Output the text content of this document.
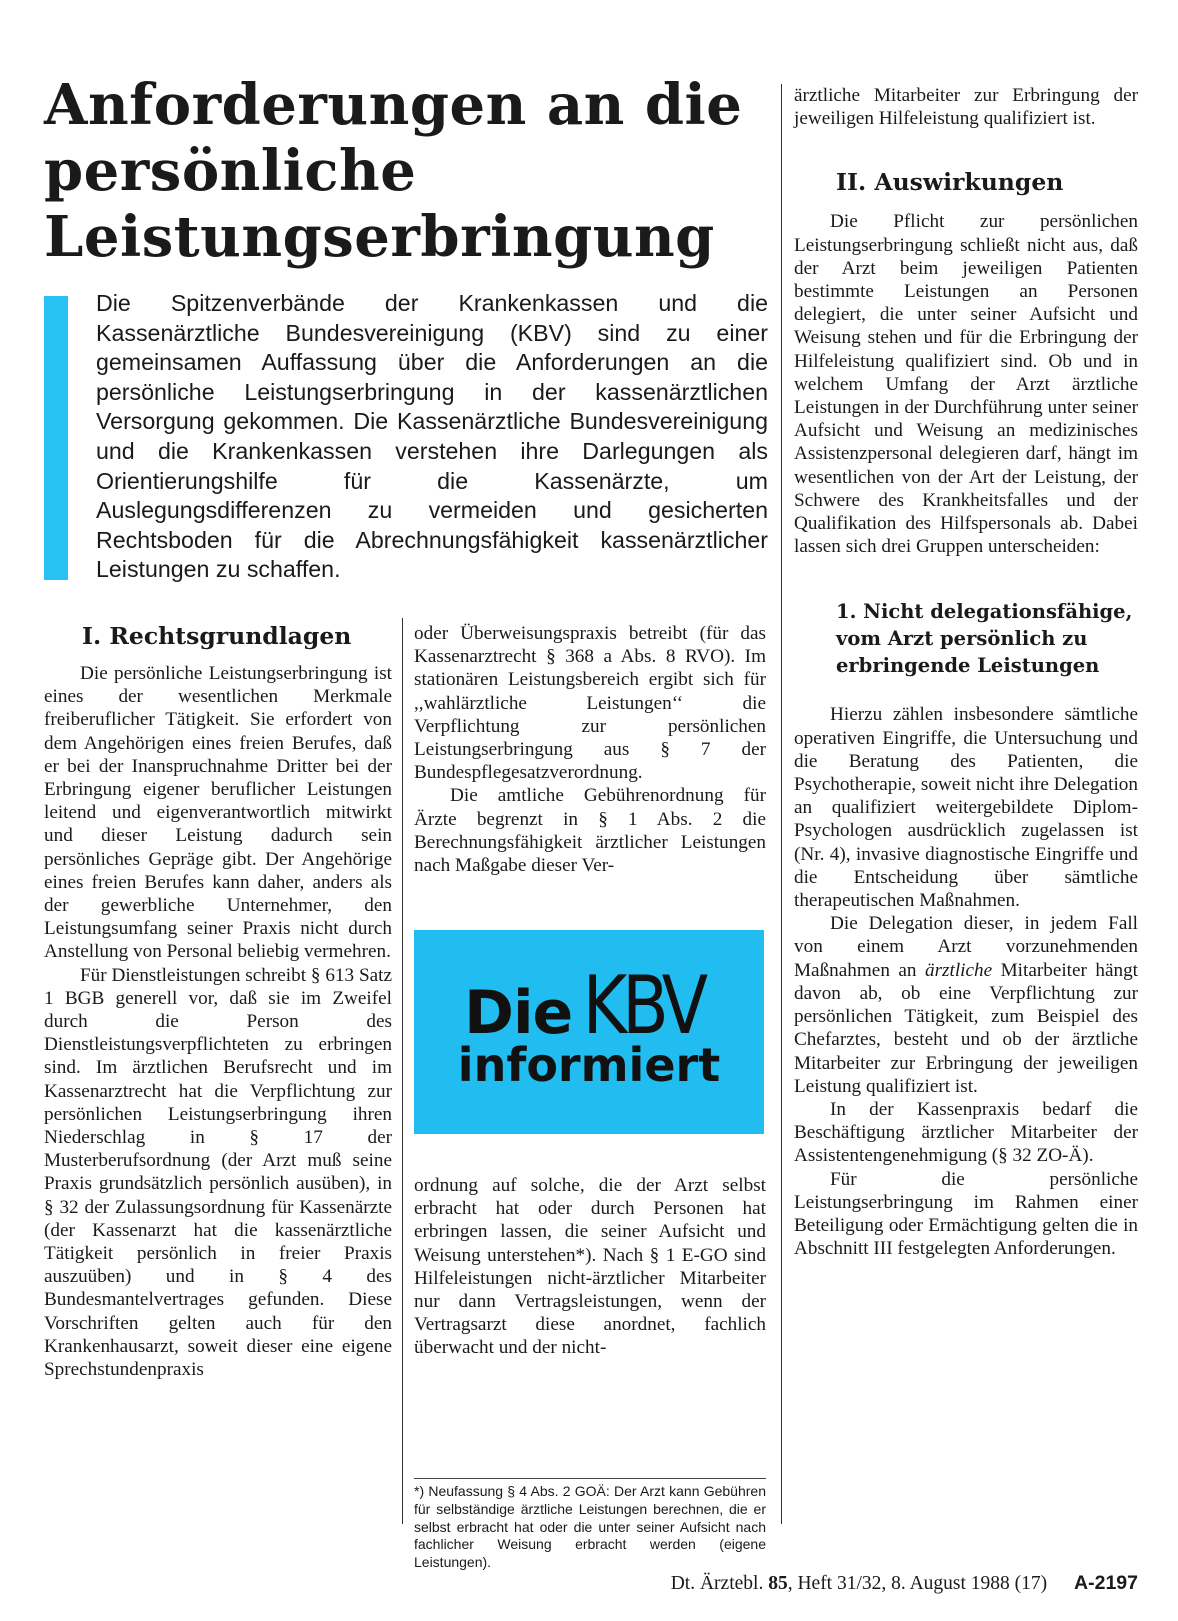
Anforderungen an die
persönliche
Leistungserbringung

Die Spitzenverbände der Krankenkassen und die Kassenärztliche Bundesvereinigung (KBV) sind zu einer gemeinsamen Auffassung über die Anforderungen an die persönliche Leistungserbringung in der kassenärztlichen Versorgung gekommen. Die Kassenärztliche Bundesvereinigung und die Krankenkassen verstehen ihre Darlegungen als Orientierungshilfe für die Kassenärzte, um Auslegungsdifferenzen zu vermeiden und gesicherten Rechtsboden für die Abrechnungsfähigkeit kassenärztlicher Leistungen zu schaffen.

I. Rechtsgrundlagen

Die persönliche Leistungserbringung ist eines der wesentlichen Merkmale freiberuflicher Tätigkeit. Sie erfordert von dem Angehörigen eines freien Berufes, daß er bei der Inanspruchnahme Dritter bei der Erbringung eigener beruflicher Leistungen leitend und eigenverantwortlich mitwirkt und dieser Leistung dadurch sein persönliches Gepräge gibt. Der Angehörige eines freien Berufes kann daher, anders als der gewerbliche Unternehmer, den Leistungsumfang seiner Praxis nicht durch Anstellung von Personal beliebig vermehren.

Für Dienstleistungen schreibt § 613 Satz 1 BGB generell vor, daß sie im Zweifel durch die Person des Dienstleistungsverpflichteten zu erbringen sind. Im ärztlichen Berufsrecht und im Kassenarztrecht hat die Verpflichtung zur persönlichen Leistungserbringung ihren Niederschlag in § 17 der Musterberufsordnung (der Arzt muß seine Praxis grundsätzlich persönlich ausüben), in § 32 der Zulassungsordnung für Kassenärzte (der Kassenarzt hat die kassenärztliche Tätigkeit persönlich in freier Praxis auszuüben) und in § 4 des Bundesmantelvertrages gefunden. Diese Vorschriften gelten auch für den Krankenhausarzt, soweit dieser eine eigene Sprechstundenpraxis

oder Überweisungspraxis betreibt (für das Kassenarztrecht § 368 a Abs. 8 RVO). Im stationären Leistungsbereich ergibt sich für ,,wahlärztliche Leistungen‘‘ die Verpflichtung zur persönlichen Leistungserbringung aus § 7 der Bundespflegesatzverordnung.

Die amtliche Gebührenordnung für Ärzte begrenzt in § 1 Abs. 2 die Berechnungsfähigkeit ärztlicher Leistungen nach Maßgabe dieser Ver-

Die KBV
informiert

ordnung auf solche, die der Arzt selbst erbracht hat oder durch Personen hat erbringen lassen, die seiner Aufsicht und Weisung unterstehen*). Nach § 1 E-GO sind Hilfeleistungen nicht-ärztlicher Mitarbeiter nur dann Vertragsleistungen, wenn der Vertragsarzt diese anordnet, fachlich überwacht und der nicht-

*) Neufassung § 4 Abs. 2 GOÄ: Der Arzt kann Gebühren für selbständige ärztliche Leistungen berechnen, die er selbst erbracht hat oder die unter seiner Aufsicht nach fachlicher Weisung erbracht werden (eigene Leistungen).

ärztliche Mitarbeiter zur Erbringung der jeweiligen Hilfeleistung qualifiziert ist.

II. Auswirkungen

Die Pflicht zur persönlichen Leistungserbringung schließt nicht aus, daß der Arzt beim jeweiligen Patienten bestimmte Leistungen an Personen delegiert, die unter seiner Aufsicht und Weisung stehen und für die Erbringung der Hilfeleistung qualifiziert sind. Ob und in welchem Umfang der Arzt ärztliche Leistungen in der Durchführung unter seiner Aufsicht und Weisung an medizinisches Assistenzpersonal delegieren darf, hängt im wesentlichen von der Art der Leistung, der Schwere des Krankheitsfalles und der Qualifikation des Hilfspersonals ab. Dabei lassen sich drei Gruppen unterscheiden:

1. Nicht delegationsfähige, vom Arzt persönlich zu erbringende Leistungen

Hierzu zählen insbesondere sämtliche operativen Eingriffe, die Untersuchung und die Beratung des Patienten, die Psychotherapie, soweit nicht ihre Delegation an qualifiziert weitergebildete Diplom-Psychologen ausdrücklich zugelassen ist (Nr. 4), invasive diagnostische Eingriffe und die Entscheidung über sämtliche therapeutischen Maßnahmen.

Die Delegation dieser, in jedem Fall von einem Arzt vorzunehmenden Maßnahmen an ärztliche Mitarbeiter hängt davon ab, ob eine Verpflichtung zur persönlichen Tätigkeit, zum Beispiel des Chefarztes, besteht und ob der ärztliche Mitarbeiter zur Erbringung der jeweiligen Leistung qualifiziert ist.

In der Kassenpraxis bedarf die Beschäftigung ärztlicher Mitarbeiter der Assistentengenehmigung (§ 32 ZO-Ä).

Für die persönliche Leistungserbringung im Rahmen einer Beteiligung oder Ermächtigung gelten die in Abschnitt III festgelegten Anforderungen.

Dt. Ärztebl. 85, Heft 31/32, 8. August 1988 (17) A-2197
